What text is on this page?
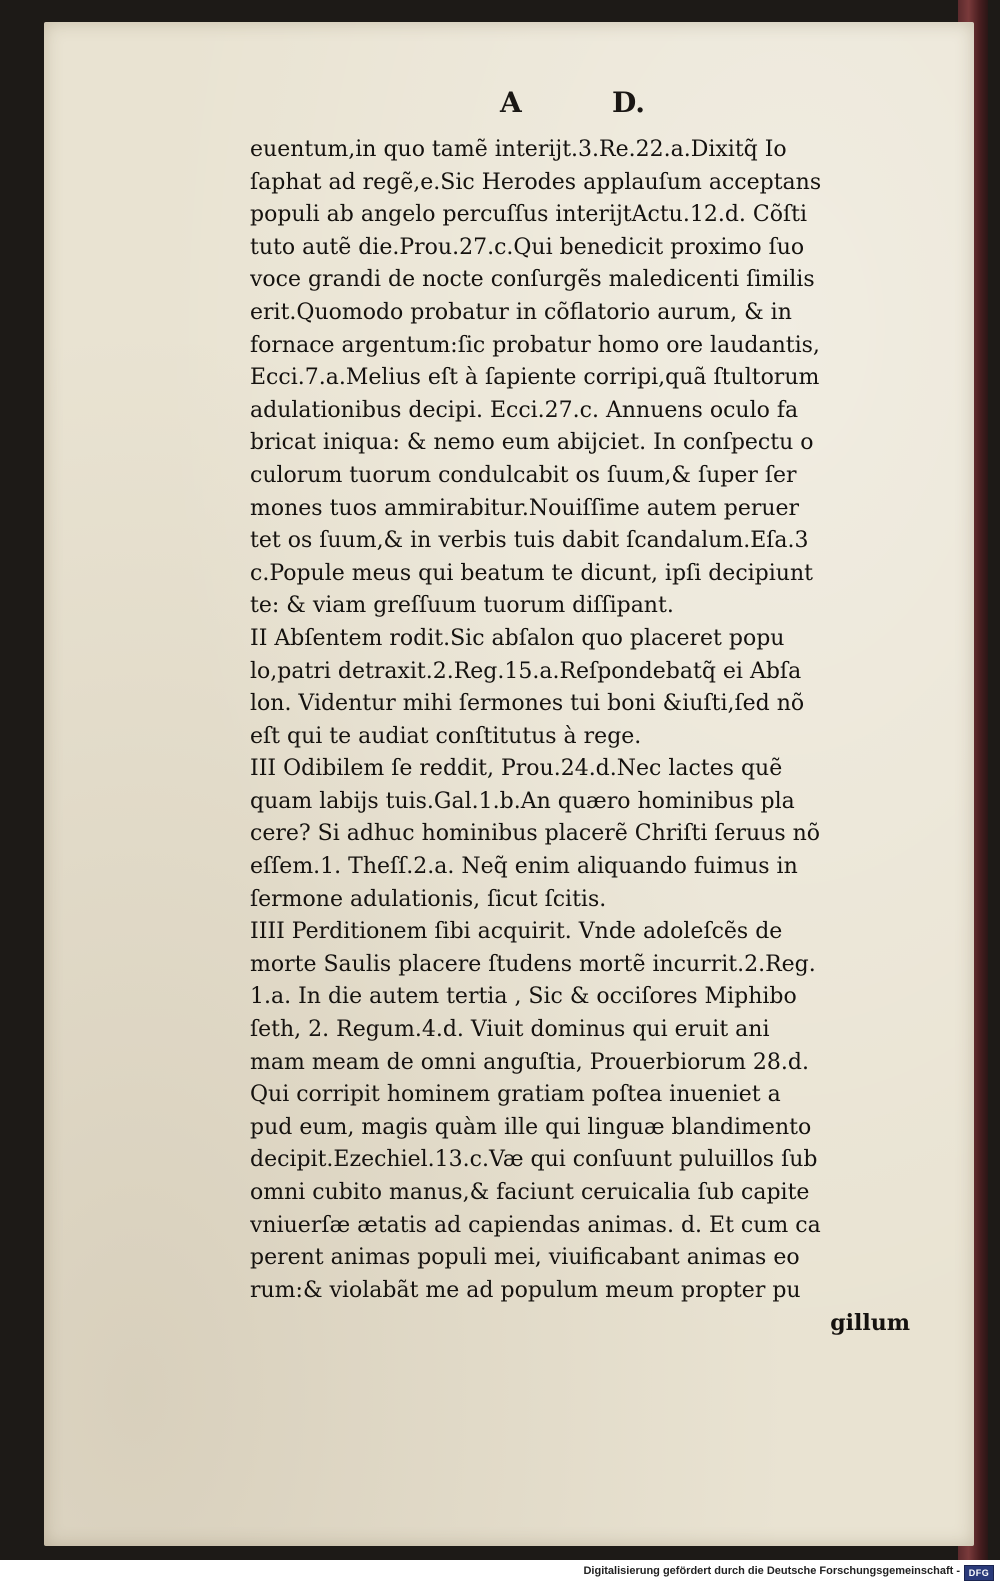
A	D.
euentum,in quo tamẽ interijt.3.Re.22.a.Dixitq̃ Io
ſaphat ad regẽ,e.Sic Herodes applauſum acceptans
populi ab angelo percuſſus interijtActu.12.d. Cõſti
tuto autẽ die.Prou.27.c.Qui benedicit proximo ſuo
voce grandi de nocte conſurgẽs maledicenti ſimilis
erit.Quomodo probatur in cõflatorio aurum, & in
fornace argentum:ſic probatur homo ore laudantis,
Ecci.7.a.Melius eſt à ſapiente corripi,quã ſtultorum
adulationibus decipi. Ecci.27.c. Annuens oculo fa
bricat iniqua: & nemo eum abijciet. In conſpectu o
culorum tuorum condulcabit os ſuum,& ſuper ſer
mones tuos ammirabitur.Nouiſſime autem peruer
tet os ſuum,& in verbis tuis dabit ſcandalum.Eſa.3
c.Popule meus qui beatum te dicunt, ipſi decipiunt
te: & viam greſſuum tuorum diſſipant.
II Abſentem rodit.Sic abſalon quo placeret popu
lo,patri detraxit.2.Reg.15.a.Reſpondebatq̃ ei Abſa
lon. Videntur mihi ſermones tui boni &iuſti,ſed nõ
eſt qui te audiat conſtitutus à rege.
III Odibilem ſe reddit, Prou.24.d.Nec lactes quẽ
quam labijs tuis.Gal.1.b.An quæro hominibus pla
cere? Si adhuc hominibus placerẽ Chriſti ſeruus nõ
eſſem.1. Theſſ.2.a. Neq̃ enim aliquando fuimus in
ſermone adulationis, ſicut ſcitis.
IIII Perditionem ſibi acquirit. Vnde adoleſcẽs de
morte Saulis placere ſtudens mortẽ incurrit.2.Reg.
1.a. In die autem tertia , Sic & occiſores Miphibo
ſeth, 2. Regum.4.d. Viuit dominus qui eruit ani
mam meam de omni anguſtia, Prouerbiorum 28.d.
Qui corripit hominem gratiam poſtea inueniet a
pud eum, magis quàm ille qui linguæ blandimento
decipit.Ezechiel.13.c.Væ qui conſuunt puluillos ſub
omni cubito manus,& faciunt ceruicalia ſub capite
vniuerſæ ætatis ad capiendas animas. d. Et cum ca
perent animas populi mei, viuificabant animas eo
rum:& violabãt me ad populum meum propter pu
gillum
Digitalisierung gefördert durch die Deutsche Forschungsgemeinschaft - DFG
